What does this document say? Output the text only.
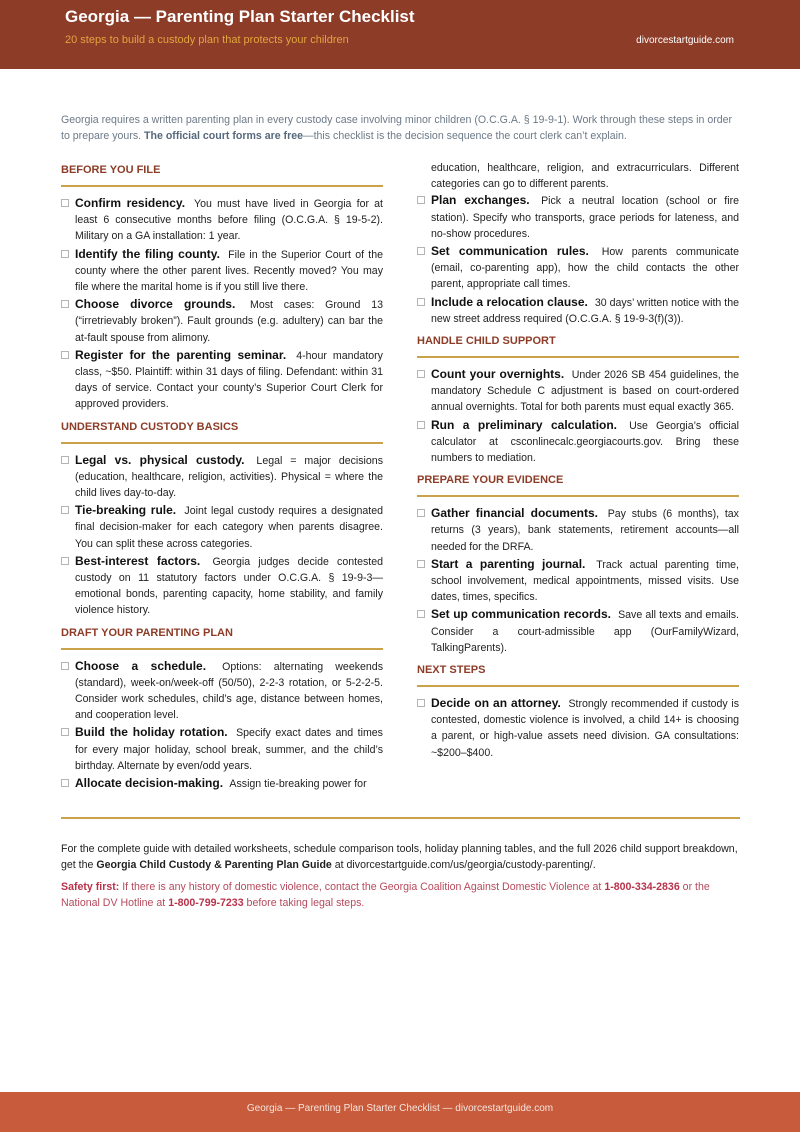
Georgia — Parenting Plan Starter Checklist
20 steps to build a custody plan that protects your children	divorcestartguide.com
Georgia requires a written parenting plan in every custody case involving minor children (O.C.G.A. § 19-9-1). Work through these steps in order to prepare yours. The official court forms are free—this checklist is the decision sequence the court clerk can’t explain.
BEFORE YOU FILE
Confirm residency. You must have lived in Georgia for at least 6 consecutive months before filing (O.C.G.A. § 19-5-2). Military on a GA installation: 1 year.
Identify the filing county. File in the Superior Court of the county where the other parent lives. Recently moved? You may file where the marital home is if you still live there.
Choose divorce grounds. Most cases: Ground 13 (“irretrievably broken”). Fault grounds (e.g. adultery) can bar the at-fault spouse from alimony.
Register for the parenting seminar. 4-hour mandatory class, ~$50. Plaintiff: within 31 days of filing. Defendant: within 31 days of service. Contact your county’s Superior Court Clerk for approved providers.
UNDERSTAND CUSTODY BASICS
Legal vs. physical custody. Legal = major decisions (education, healthcare, religion, activities). Physical = where the child lives day-to-day.
Tie-breaking rule. Joint legal custody requires a designated final decision-maker for each category when parents disagree. You can split these across categories.
Best-interest factors. Georgia judges decide contested custody on 11 statutory factors under O.C.G.A. § 19-9-3—emotional bonds, parenting capacity, home stability, and family violence history.
DRAFT YOUR PARENTING PLAN
Choose a schedule. Options: alternating weekends (standard), week-on/week-off (50/50), 2-2-3 rotation, or 5-2-2-5. Consider work schedules, child’s age, distance between homes, and cooperation level.
Build the holiday rotation. Specify exact dates and times for every major holiday, school break, summer, and the child’s birthday. Alternate by even/odd years.
Allocate decision-making. Assign tie-breaking power for
education, healthcare, religion, and extracurriculars. Different categories can go to different parents.
Plan exchanges. Pick a neutral location (school or fire station). Specify who transports, grace periods for lateness, and no-show procedures.
Set communication rules. How parents communicate (email, co-parenting app), how the child contacts the other parent, appropriate call times.
Include a relocation clause. 30 days’ written notice with the new street address required (O.C.G.A. § 19-9-3(f)(3)).
HANDLE CHILD SUPPORT
Count your overnights. Under 2026 SB 454 guidelines, the mandatory Schedule C adjustment is based on court-ordered annual overnights. Total for both parents must equal exactly 365.
Run a preliminary calculation. Use Georgia’s official calculator at csconlinecalc.georgiacourts.gov. Bring these numbers to mediation.
PREPARE YOUR EVIDENCE
Gather financial documents. Pay stubs (6 months), tax returns (3 years), bank statements, retirement accounts—all needed for the DRFA.
Start a parenting journal. Track actual parenting time, school involvement, medical appointments, missed visits. Use dates, times, specifics.
Set up communication records. Save all texts and emails. Consider a court-admissible app (OurFamilyWizard, TalkingParents).
NEXT STEPS
Decide on an attorney. Strongly recommended if custody is contested, domestic violence is involved, a child 14+ is choosing a parent, or high-value assets need division. GA consultations: ~$200–$400.
For the complete guide with detailed worksheets, schedule comparison tools, holiday planning tables, and the full 2026 child support breakdown, get the Georgia Child Custody & Parenting Plan Guide at divorcestartguide.com/us/georgia/custody-parenting/.
Safety first: If there is any history of domestic violence, contact the Georgia Coalition Against Domestic Violence at 1-800-334-2836 or the National DV Hotline at 1-800-799-7233 before taking legal steps.
Georgia — Parenting Plan Starter Checklist — divorcestartguide.com
